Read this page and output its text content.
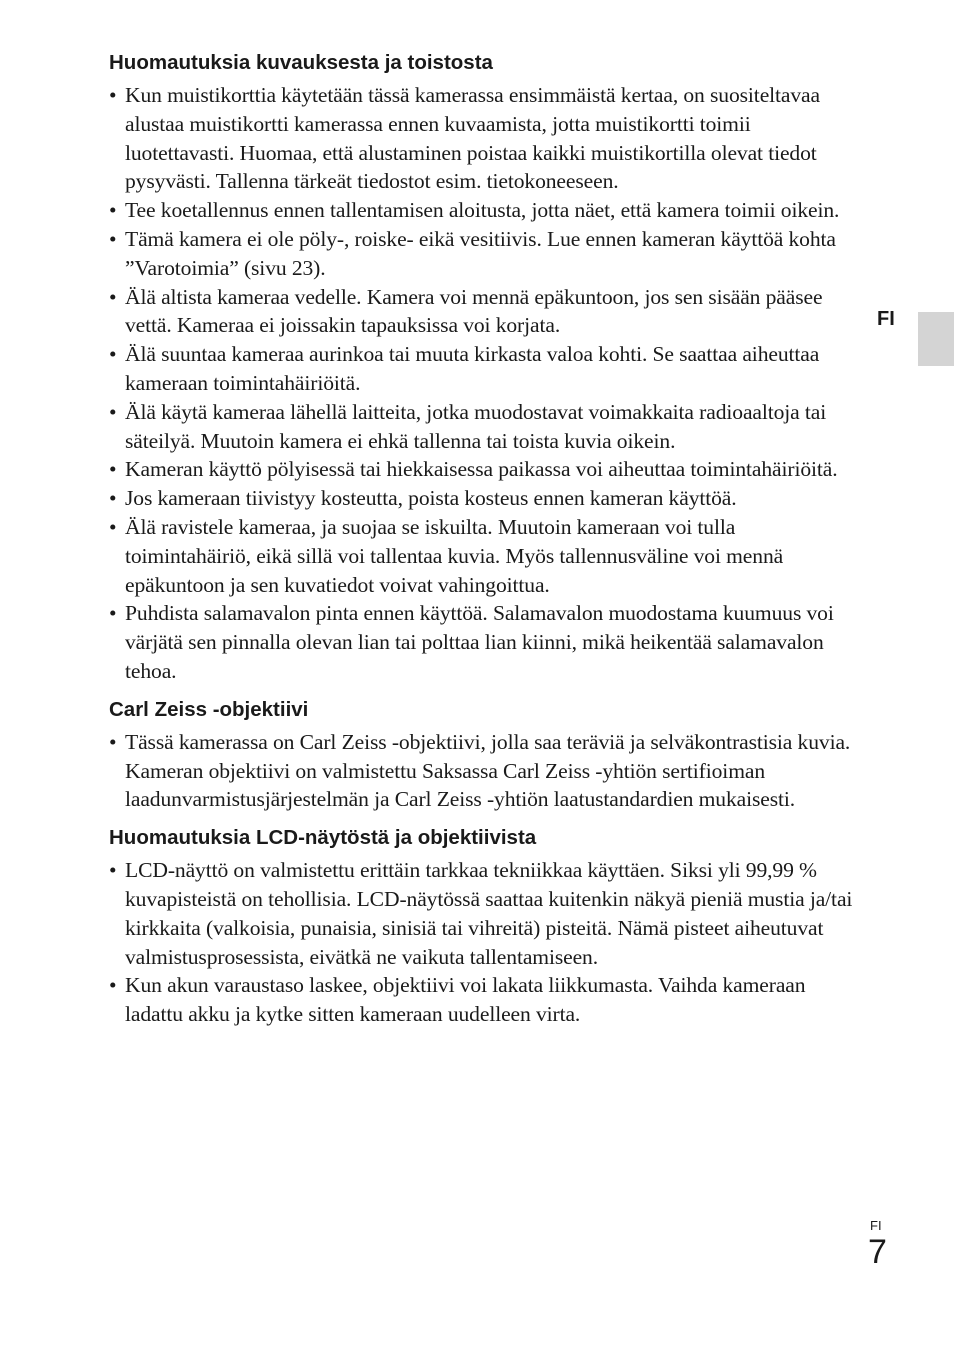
Huomautuksia kuvauksesta ja toistosta
• Kun muistikorttia käytetään tässä kamerassa ensimmäistä kertaa, on suositeltavaa alustaa muistikortti kamerassa ennen kuvaamista, jotta muistikortti toimii luotettavasti. Huomaa, että alustaminen poistaa kaikki muistikortilla olevat tiedot pysyvästi. Tallenna tärkeät tiedostot esim. tietokoneeseen.
• Tee koetallennus ennen tallentamisen aloitusta, jotta näet, että kamera toimii oikein.
• Tämä kamera ei ole pöly-, roiske- eikä vesitiivis. Lue ennen kameran käyttöä kohta ”Varotoimia” (sivu 23).
• Älä altista kameraa vedelle. Kamera voi mennä epäkuntoon, jos sen sisään pääsee vettä. Kameraa ei joissakin tapauksissa voi korjata.
• Älä suuntaa kameraa aurinkoa tai muuta kirkasta valoa kohti. Se saattaa aiheuttaa kameraan toimintahäiriöitä.
• Älä käytä kameraa lähellä laitteita, jotka muodostavat voimakkaita radioaaltoja tai säteilyä. Muutoin kamera ei ehkä tallenna tai toista kuvia oikein.
• Kameran käyttö pölyisessä tai hiekkaisessa paikassa voi aiheuttaa toimintahäiriöitä.
• Jos kameraan tiivistyy kosteutta, poista kosteus ennen kameran käyttöä.
• Älä ravistele kameraa, ja suojaa se iskuilta. Muutoin kameraan voi tulla toimintahäiriö, eikä sillä voi tallentaa kuvia. Myös tallennusväline voi mennä epäkuntoon ja sen kuvatiedot voivat vahingoittua.
• Puhdista salamavalon pinta ennen käyttöä. Salamavalon muodostama kuumuus voi värjätä sen pinnalla olevan lian tai polttaa lian kiinni, mikä heikentää salamavalon tehoa.
Carl Zeiss -objektiivi
• Tässä kamerassa on Carl Zeiss -objektiivi, jolla saa teräviä ja selväkontrastisia kuvia. Kameran objektiivi on valmistettu Saksassa Carl Zeiss -yhtiön sertifioiman laadunvarmistusjärjestelmän ja Carl Zeiss -yhtiön laatustandardien mukaisesti.
Huomautuksia LCD-näytöstä ja objektiivista
• LCD-näyttö on valmistettu erittäin tarkkaa tekniikkaa käyttäen. Siksi yli 99,99 % kuvapisteistä on tehollisia. LCD-näytössä saattaa kuitenkin näkyä pieniä mustia ja/tai kirkkaita (valkoisia, punaisia, sinisiä tai vihreitä) pisteitä. Nämä pisteet aiheutuvat valmistusprosessista, eivätkä ne vaikuta tallentamiseen.
• Kun akun varaustaso laskee, objektiivi voi lakata liikkumasta. Vaihda kameraan ladattu akku ja kytke sitten kameraan uudelleen virta.
FI
FI
7
